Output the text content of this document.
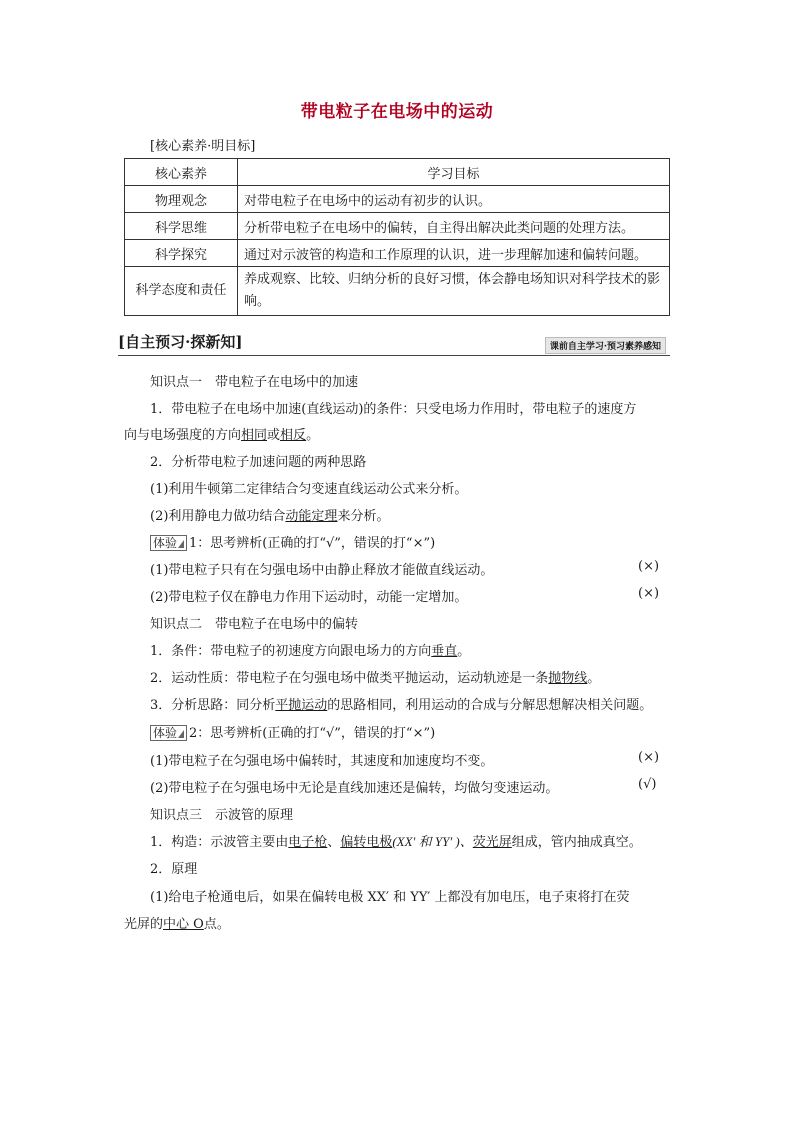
带电粒子在电场中的运动
[核心素养·明目标]
核心素养	学习目标
物理观念	对带电粒子在电场中的运动有初步的认识。
科学思维	分析带电粒子在电场中的偏转，自主得出解决此类问题的处理方法。
科学探究	通过对示波管的构造和工作原理的认识，进一步理解加速和偏转问题。
科学态度和责任	养成观察、比较、归纳分析的良好习惯，体会静电场知识对科学技术的影响。
[自主预习·探新知]	课前自主学习·预习素养感知
知识点一　带电粒子在电场中的加速
1．带电粒子在电场中加速(直线运动)的条件：只受电场力作用时，带电粒子的速度方
向与电场强度的方向相同或相反。
2．分析带电粒子加速问题的两种思路
(1)利用牛顿第二定律结合匀变速直线运动公式来分析。
(2)利用静电力做功结合动能定理来分析。
体验 1：思考辨析(正确的打“√”，错误的打“×”)
(1)带电粒子只有在匀强电场中由静止释放才能做直线运动。	(×)
(2)带电粒子仅在静电力作用下运动时，动能一定增加。	(×)
知识点二　带电粒子在电场中的偏转
1．条件：带电粒子的初速度方向跟电场力的方向垂直。
2．运动性质：带电粒子在匀强电场中做类平抛运动，运动轨迹是一条抛物线。
3．分析思路：同分析平抛运动的思路相同，利用运动的合成与分解思想解决相关问题。
体验 2：思考辨析(正确的打“√”，错误的打“×”)
(1)带电粒子在匀强电场中偏转时，其速度和加速度均不变。	(×)
(2)带电粒子在匀强电场中无论是直线加速还是偏转，均做匀变速运动。	(√)
知识点三　示波管的原理
1．构造：示波管主要由电子枪、偏转电极(XX′ 和 YY′ )、荧光屏组成，管内抽成真空。
2．原理
(1)给电子枪通电后，如果在偏转电极 XX′ 和 YY′ 上都没有加电压，电子束将打在荧
光屏的中心 O点。
